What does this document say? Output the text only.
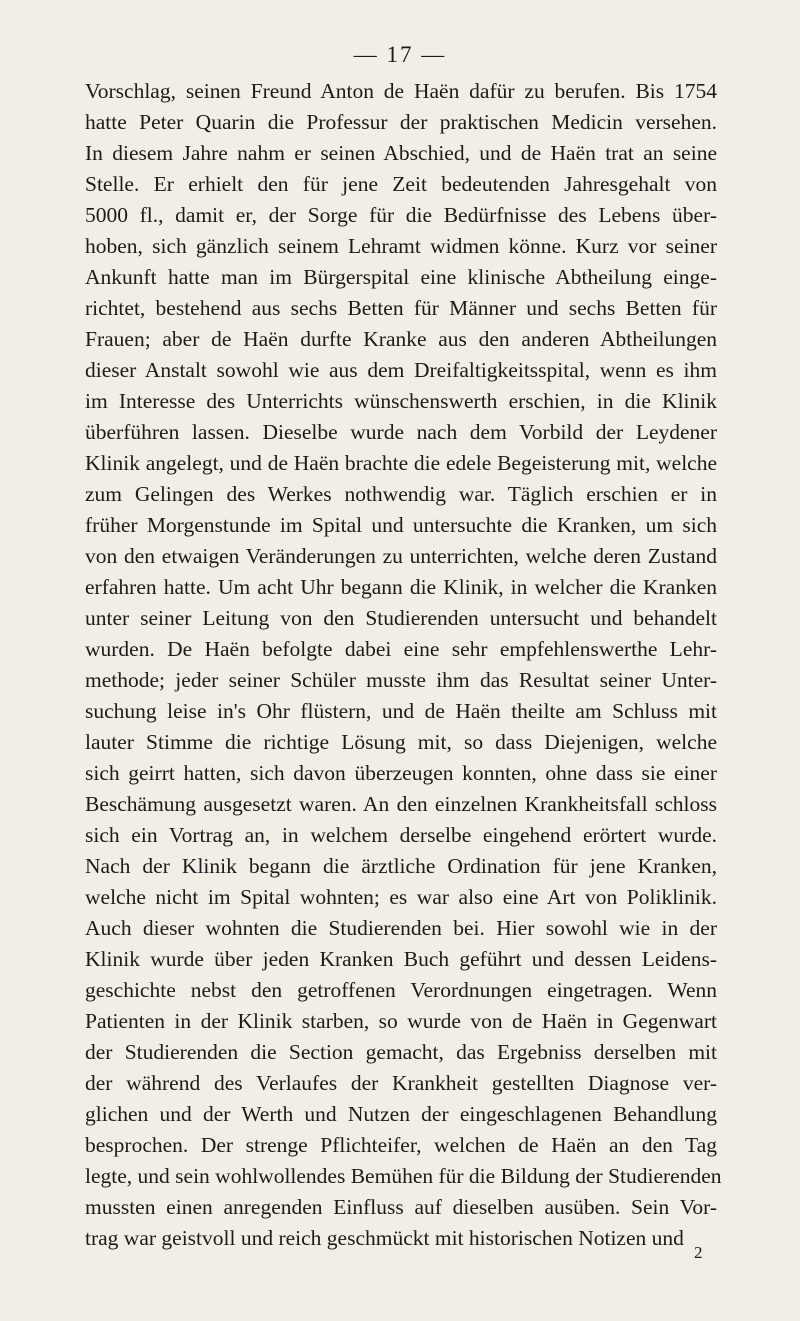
— 17 —
Vorschlag, seinen Freund Anton de Haën dafür zu berufen. Bis 1754
hatte Peter Quarin die Professur der praktischen Medicin versehen.
In diesem Jahre nahm er seinen Abschied, und de Haën trat an seine
Stelle. Er erhielt den für jene Zeit bedeutenden Jahresgehalt von
5000 fl., damit er, der Sorge für die Bedürfnisse des Lebens über-
hoben, sich gänzlich seinem Lehramt widmen könne. Kurz vor seiner
Ankunft hatte man im Bürgerspital eine klinische Abtheilung einge-
richtet, bestehend aus sechs Betten für Männer und sechs Betten für
Frauen; aber de Haën durfte Kranke aus den anderen Abtheilungen
dieser Anstalt sowohl wie aus dem Dreifaltigkeitsspital, wenn es ihm
im Interesse des Unterrichts wünschenswerth erschien, in die Klinik
überführen lassen. Dieselbe wurde nach dem Vorbild der Leydener
Klinik angelegt, und de Haën brachte die edele Begeisterung mit, welche
zum Gelingen des Werkes nothwendig war. Täglich erschien er in
früher Morgenstunde im Spital und untersuchte die Kranken, um sich
von den etwaigen Veränderungen zu unterrichten, welche deren Zustand
erfahren hatte. Um acht Uhr begann die Klinik, in welcher die Kranken
unter seiner Leitung von den Studierenden untersucht und behandelt
wurden. De Haën befolgte dabei eine sehr empfehlenswerthe Lehr-
methode; jeder seiner Schüler musste ihm das Resultat seiner Unter-
suchung leise in's Ohr flüstern, und de Haën theilte am Schluss mit
lauter Stimme die richtige Lösung mit, so dass Diejenigen, welche
sich geirrt hatten, sich davon überzeugen konnten, ohne dass sie einer
Beschämung ausgesetzt waren. An den einzelnen Krankheitsfall schloss
sich ein Vortrag an, in welchem derselbe eingehend erörtert wurde.
Nach der Klinik begann die ärztliche Ordination für jene Kranken,
welche nicht im Spital wohnten; es war also eine Art von Poliklinik.
Auch dieser wohnten die Studierenden bei. Hier sowohl wie in der
Klinik wurde über jeden Kranken Buch geführt und dessen Leidens-
geschichte nebst den getroffenen Verordnungen eingetragen. Wenn
Patienten in der Klinik starben, so wurde von de Haën in Gegenwart
der Studierenden die Section gemacht, das Ergebniss derselben mit
der während des Verlaufes der Krankheit gestellten Diagnose ver-
glichen und der Werth und Nutzen der eingeschlagenen Behandlung
besprochen. Der strenge Pflichteifer, welchen de Haën an den Tag
legte, und sein wohlwollendes Bemühen für die Bildung der Studierenden
mussten einen anregenden Einfluss auf dieselben ausüben. Sein Vor-
trag war geistvoll und reich geschmückt mit historischen Notizen und
2
